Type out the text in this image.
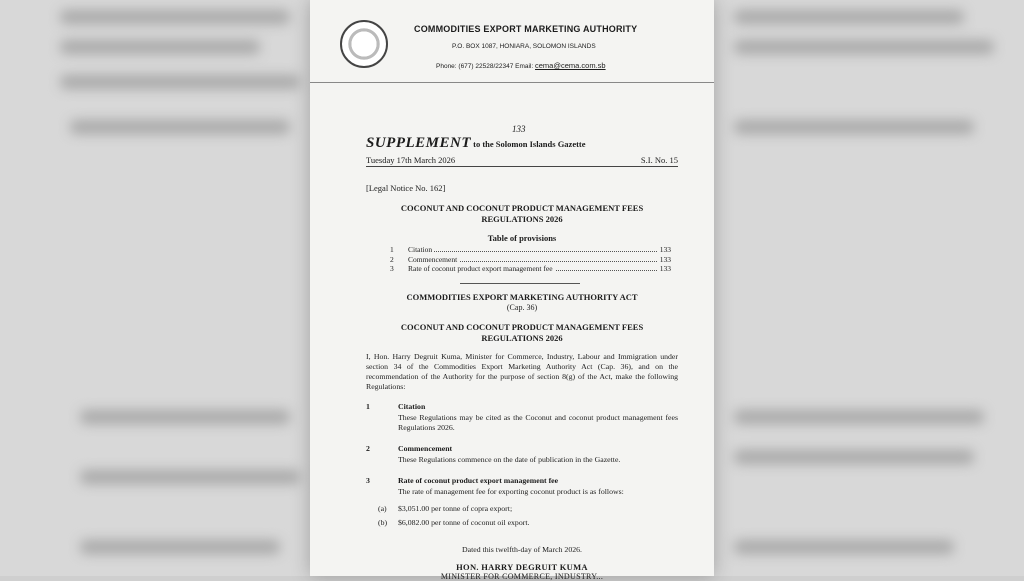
COMMODITIES EXPORT MARKETING AUTHORITY
P.O. BOX 1087, HONIARA, SOLOMON ISLANDS
Phone: (677) 22528/22347 Email: cema@cema.com.sb
133
SUPPLEMENT to the Solomon Islands Gazette
Tuesday 17th March 2026	S.I. No. 15
[Legal Notice No. 162]
COCONUT AND COCONUT PRODUCT MANAGEMENT FEES
REGULATIONS 2026
Table of provisions
1 Citation	133
2 Commencement	133
3 Rate of coconut product export management fee	133
COMMODITIES EXPORT MARKETING AUTHORITY ACT
(Cap. 36)
COCONUT AND COCONUT PRODUCT MANAGEMENT FEES
REGULATIONS 2026
I, Hon. Harry Degruit Kuma, Minister for Commerce, Industry, Labour and Immigration under section 34 of the Commodities Export Marketing Authority Act (Cap. 36), and on the recommendation of the Authority for the purpose of section 8(g) of the Act, make the following Regulations:
1	Citation
These Regulations may be cited as the Coconut and coconut product management fees Regulations 2026.
2	Commencement
These Regulations commence on the date of publication in the Gazette.
3	Rate of coconut product export management fee
The rate of management fee for exporting coconut product is as follows:
(a) $3,051.00 per tonne of copra export;
(b) $6,082.00 per tonne of coconut oil export.
Dated this twelfth-day of March 2026.
HON. HARRY DEGRUIT KUMA
MINISTER FOR COMMERCE, INDUSTRY...
